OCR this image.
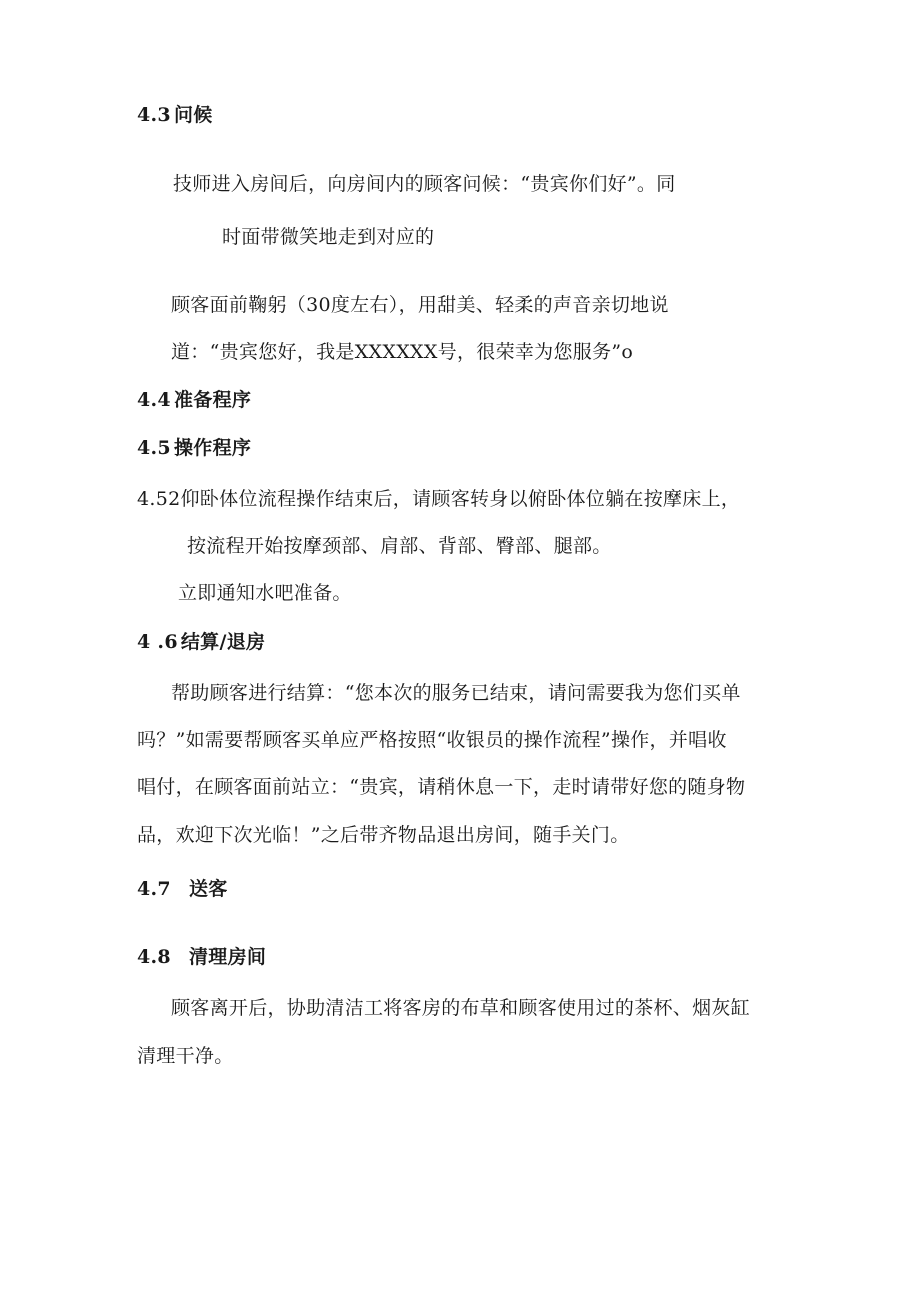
4.3 问候
技师进入房间后，向房间内的顾客问候：“贵宾你们好”。同
时面带微笑地走到对应的
顾客面前鞠躬（30度左右），用甜美、轻柔的声音亲切地说
道：“贵宾您好，我是XXXXXX号，很荣幸为您服务”o
4.4 准备程序
4.5 操作程序
4.52仰卧体位流程操作结束后，请顾客转身以俯卧体位躺在按摩床上，
按流程开始按摩颈部、肩部、背部、臀部、腿部。
立即通知水吧准备。
4 .6 结算/退房
帮助顾客进行结算：“您本次的服务已结束，请问需要我为您们买单
吗？”如需要帮顾客买单应严格按照“收银员的操作流程”操作，并唱收
唱付，在顾客面前站立：“贵宾，请稍休息一下，走时请带好您的随身物
品，欢迎下次光临！”之后带齐物品退出房间，随手关门。
4.7 送客
4.8 清理房间
顾客离开后，协助清洁工将客房的布草和顾客使用过的茶杯、烟灰缸
清理干净。
